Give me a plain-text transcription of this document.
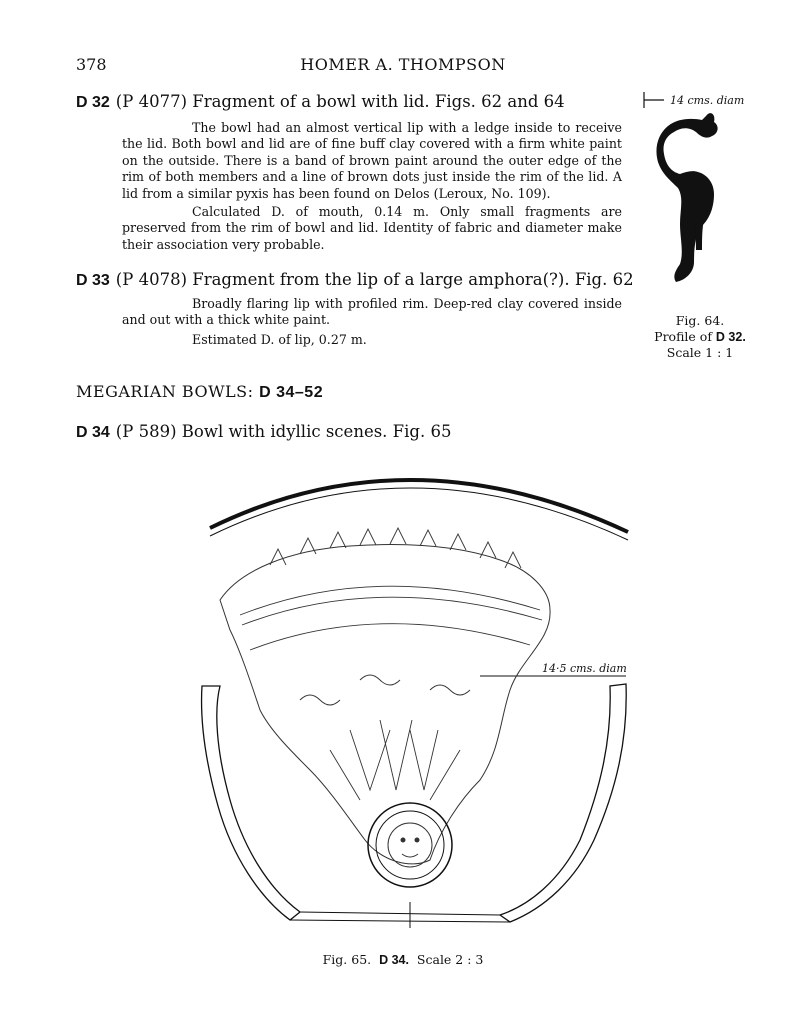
378	HOMER A. THOMPSON
D 32 (P 4077) Fragment of a bowl with lid. Figs. 62 and 64
The bowl had an almost vertical lip with a ledge inside to receive the lid. Both bowl and lid are of fine buff clay covered with a firm white paint on the outside. There is a band of brown paint around the outer edge of the rim of both members and a line of brown dots just inside the rim of the lid. A lid from a similar pyxis has been found on Delos (Leroux, No. 109).
Calculated D. of mouth, 0.14 m. Only small fragments are preserved from the rim of bowl and lid. Identity of fabric and diameter make their association very probable.
D 33 (P 4078) Fragment from the lip of a large amphora(?). Fig. 62
Broadly flaring lip with profiled rim. Deep-red clay covered inside and out with a thick white paint.
Estimated D. of lip, 0.27 m.
14 cms. diam
Fig. 64.
Profile of D 32.
Scale 1 : 1
MEGARIAN BOWLS: D 34–52
D 34 (P 589) Bowl with idyllic scenes. Fig. 65
14·5 cms. diam
Fig. 65. D 34. Scale 2 : 3
